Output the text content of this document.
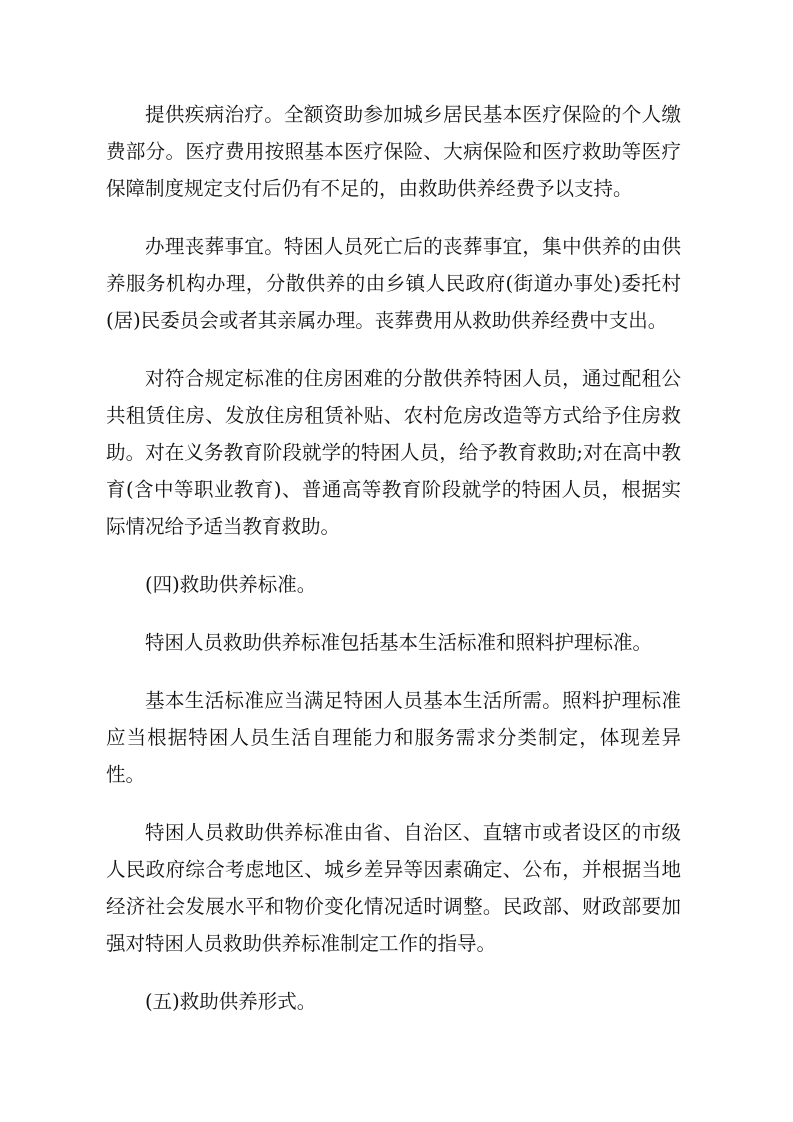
提供疾病治疗。全额资助参加城乡居民基本医疗保险的个人缴费部分。医疗费用按照基本医疗保险、大病保险和医疗救助等医疗保障制度规定支付后仍有不足的，由救助供养经费予以支持。

办理丧葬事宜。特困人员死亡后的丧葬事宜，集中供养的由供养服务机构办理，分散供养的由乡镇人民政府(街道办事处)委托村(居)民委员会或者其亲属办理。丧葬费用从救助供养经费中支出。

对符合规定标准的住房困难的分散供养特困人员，通过配租公共租赁住房、发放住房租赁补贴、农村危房改造等方式给予住房救助。对在义务教育阶段就学的特困人员，给予教育救助;对在高中教育(含中等职业教育)、普通高等教育阶段就学的特困人员，根据实际情况给予适当教育救助。

(四)救助供养标准。

特困人员救助供养标准包括基本生活标准和照料护理标准。

基本生活标准应当满足特困人员基本生活所需。照料护理标准应当根据特困人员生活自理能力和服务需求分类制定，体现差异性。

特困人员救助供养标准由省、自治区、直辖市或者设区的市级人民政府综合考虑地区、城乡差异等因素确定、公布，并根据当地经济社会发展水平和物价变化情况适时调整。民政部、财政部要加强对特困人员救助供养标准制定工作的指导。

(五)救助供养形式。
